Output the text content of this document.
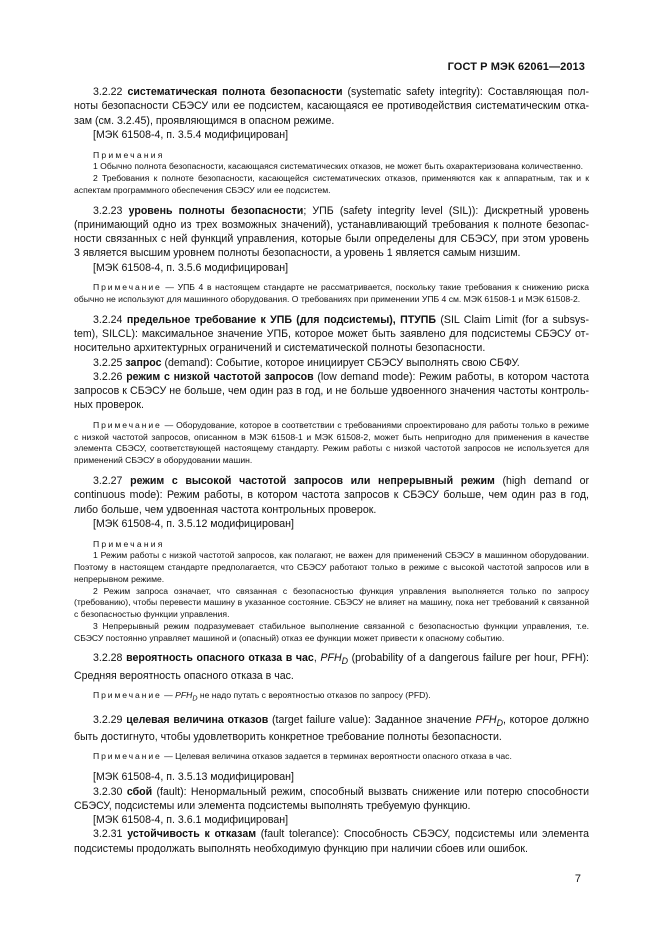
ГОСТ Р МЭК 62061—2013

3.2.22 систематическая полнота безопасности (systematic safety integrity): Составляющая полноты безопасности СБЭСУ или ее подсистем, касающаяся ее противодействия систематическим отказам (см. 3.2.45), проявляющимся в опасном режиме.

[МЭК 61508-4, п. 3.5.4 модифицирован]

Примечания

1 Обычно полнота безопасности, касающаяся систематических отказов, не может быть охарактеризована количественно.

2 Требования к полноте безопасности, касающейся систематических отказов, применяются как к аппаратным, так и к аспектам программного обеспечения СБЭСУ или ее подсистем.

3.2.23 уровень полноты безопасности; УПБ (safety integrity level (SIL)): Дискретный уровень (принимающий одно из трех возможных значений), устанавливающий требования к полноте безопасности связанных с ней функций управления, которые были определены для СБЭСУ, при этом уровень 3 является высшим уровнем полноты безопасности, а уровень 1 является самым низшим.

[МЭК 61508-4, п. 3.5.6 модифицирован]

Примечание — УПБ 4 в настоящем стандарте не рассматривается, поскольку такие требования к снижению риска обычно не используют для машинного оборудования. О требованиях при применении УПБ 4 см. МЭК 61508-1 и МЭК 61508-2.

3.2.24 предельное требование к УПБ (для подсистемы), ПТУПБ (SIL Claim Limit (for a subsystem), SILCL): максимальное значение УПБ, которое может быть заявлено для подсистемы СБЭСУ относительно архитектурных ограничений и систематической полноты безопасности.

3.2.25 запрос (demand): Событие, которое инициирует СБЭСУ выполнять свою СБФУ.

3.2.26 режим с низкой частотой запросов (low demand mode): Режим работы, в котором частота запросов к СБЭСУ не больше, чем один раз в год, и не больше удвоенного значения частоты контрольных проверок.

Примечание — Оборудование, которое в соответствии с требованиями спроектировано для работы только в режиме с низкой частотой запросов, описанном в МЭК 61508-1 и МЭК 61508-2, может быть непригодно для применения в качестве элемента СБЭСУ, соответствующей настоящему стандарту. Режим работы с низкой частотой запросов не используется для применений СБЭСУ в оборудовании машин.

3.2.27 режим с высокой частотой запросов или непрерывный режим (high demand or continuous mode): Режим работы, в котором частота запросов к СБЭСУ больше, чем один раз в год, либо больше, чем удвоенная частота контрольных проверок.

[МЭК 61508-4, п. 3.5.12 модифицирован]

Примечания

1 Режим работы с низкой частотой запросов, как полагают, не важен для применений СБЭСУ в машинном оборудовании. Поэтому в настоящем стандарте предполагается, что СБЭСУ работают только в режиме с высокой частотой запросов или в непрерывном режиме.

2 Режим запроса означает, что связанная с безопасностью функция управления выполняется только по запросу (требованию), чтобы перевести машину в указанное состояние. СБЭСУ не влияет на машину, пока нет требований к связанной с безопасностью функции управления.

3 Непрерывный режим подразумевает стабильное выполнение связанной с безопасностью функции управления, т.е. СБЭСУ постоянно управляет машиной и (опасный) отказ ее функции может привести к опасному событию.

3.2.28 вероятность опасного отказа в час, $PFH_D$ (probability of a dangerous failure per hour, PFH): Средняя вероятность опасного отказа в час.

Примечание — $PFH_D$ не надо путать с вероятностью отказов по запросу (PFD).

3.2.29 целевая величина отказов (target failure value): Заданное значение $PFH_D$, которое должно быть достигнуто, чтобы удовлетворить конкретное требование полноты безопасности.

Примечание — Целевая величина отказов задается в терминах вероятности опасного отказа в час.

[МЭК 61508-4, п. 3.5.13 модифицирован]

3.2.30 сбой (fault): Ненормальный режим, способный вызвать снижение или потерю способности СБЭСУ, подсистемы или элемента подсистемы выполнять требуемую функцию.

[МЭК 61508-4, п. 3.6.1 модифицирован]

3.2.31 устойчивость к отказам (fault tolerance): Способность СБЭСУ, подсистемы или элемента подсистемы продолжать выполнять необходимую функцию при наличии сбоев или ошибок.

7
